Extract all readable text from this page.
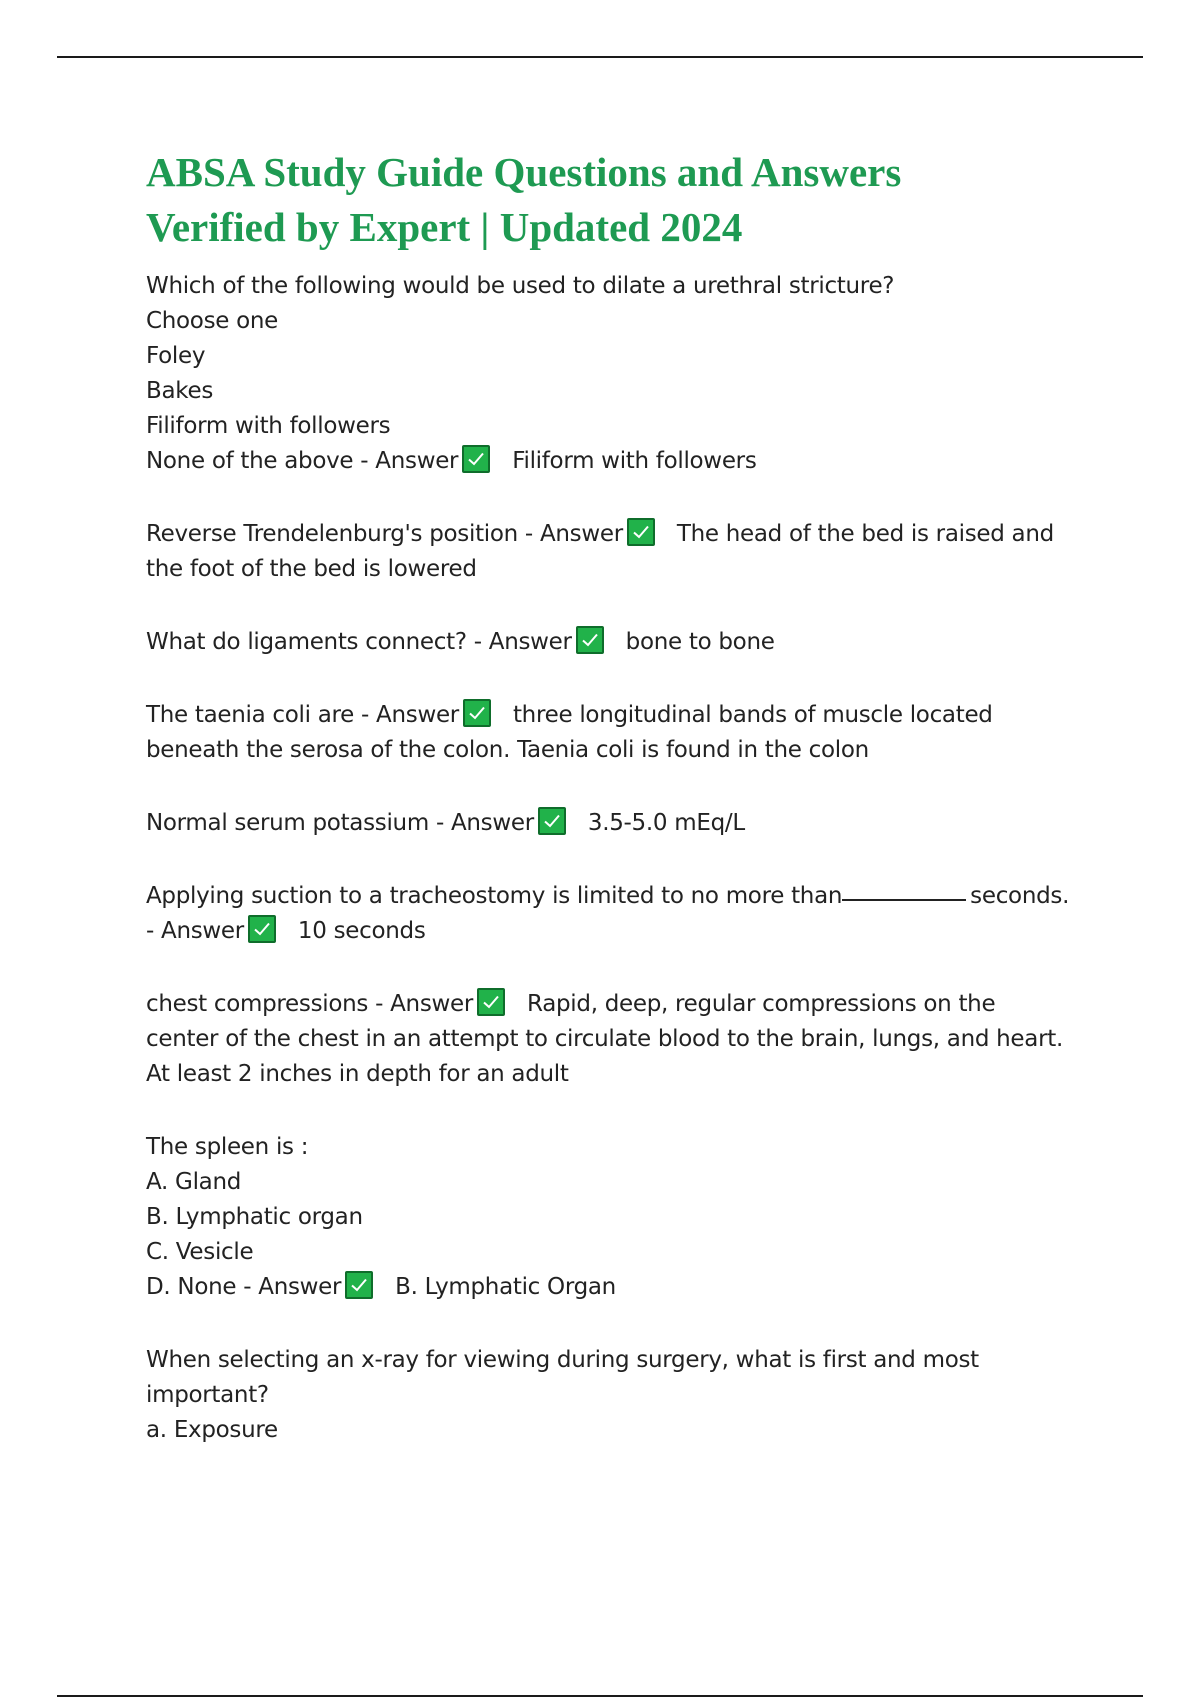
ABSA Study Guide Questions and Answers
Verified by Expert | Updated 2024
Which of the following would be used to dilate a urethral stricture?
Choose one
Foley
Bakes
Filiform with followers
None of the above - Answer Filiform with followers
Reverse Trendelenburg's position - Answer The head of the bed is raised and
the foot of the bed is lowered
What do ligaments connect? - Answer bone to bone
The taenia coli are - Answer three longitudinal bands of muscle located
beneath the serosa of the colon. Taenia coli is found in the colon
Normal serum potassium - Answer 3.5-5.0 mEq/L
Applying suction to a tracheostomy is limited to no more than	seconds.
- Answer 10 seconds
chest compressions - Answer Rapid, deep, regular compressions on the
center of the chest in an attempt to circulate blood to the brain, lungs, and heart.
At least 2 inches in depth for an adult
The spleen is :
A. Gland
B. Lymphatic organ
C. Vesicle
D. None - Answer B. Lymphatic Organ
When selecting an x-ray for viewing during surgery, what is first and most
important?
a. Exposure
